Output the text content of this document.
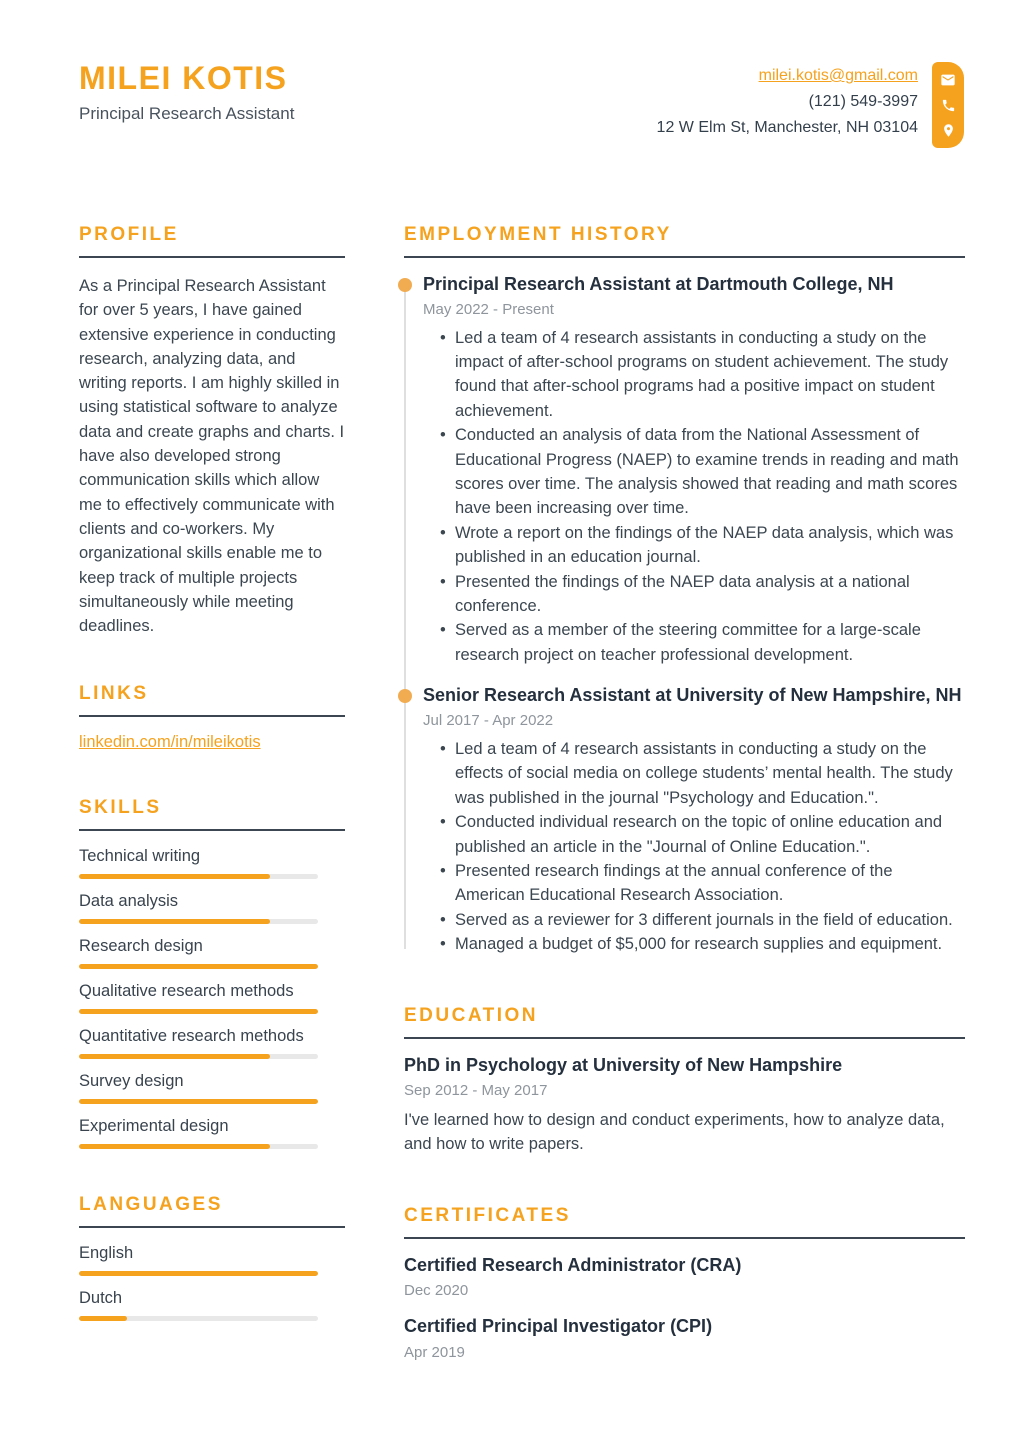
MILEI KOTIS
Principal Research Assistant
milei.kotis@gmail.com
(121) 549-3997
12 W Elm St, Manchester, NH 03104
PROFILE
As a Principal Research Assistant for over 5 years, I have gained extensive experience in conducting research, analyzing data, and writing reports. I am highly skilled in using statistical software to analyze data and create graphs and charts. I have also developed strong communication skills which allow me to effectively communicate with clients and co-workers. My organizational skills enable me to keep track of multiple projects simultaneously while meeting deadlines.
LINKS
linkedin.com/in/mileikotis
SKILLS
Technical writing
Data analysis
Research design
Qualitative research methods
Quantitative research methods
Survey design
Experimental design
LANGUAGES
English
Dutch
EMPLOYMENT HISTORY
Principal Research Assistant at Dartmouth College, NH
May 2022 - Present
• Led a team of 4 research assistants in conducting a study on the impact of after-school programs on student achievement. The study found that after-school programs had a positive impact on student achievement.
• Conducted an analysis of data from the National Assessment of Educational Progress (NAEP) to examine trends in reading and math scores over time. The analysis showed that reading and math scores have been increasing over time.
• Wrote a report on the findings of the NAEP data analysis, which was published in an education journal.
• Presented the findings of the NAEP data analysis at a national conference.
• Served as a member of the steering committee for a large-scale research project on teacher professional development.
Senior Research Assistant at University of New Hampshire, NH
Jul 2017 - Apr 2022
• Led a team of 4 research assistants in conducting a study on the effects of social media on college students’ mental health. The study was published in the journal "Psychology and Education.".
• Conducted individual research on the topic of online education and published an article in the "Journal of Online Education.".
• Presented research findings at the annual conference of the American Educational Research Association.
• Served as a reviewer for 3 different journals in the field of education.
• Managed a budget of $5,000 for research supplies and equipment.
EDUCATION
PhD in Psychology at University of New Hampshire
Sep 2012 - May 2017
I've learned how to design and conduct experiments, how to analyze data, and how to write papers.
CERTIFICATES
Certified Research Administrator (CRA)
Dec 2020
Certified Principal Investigator (CPI)
Apr 2019
